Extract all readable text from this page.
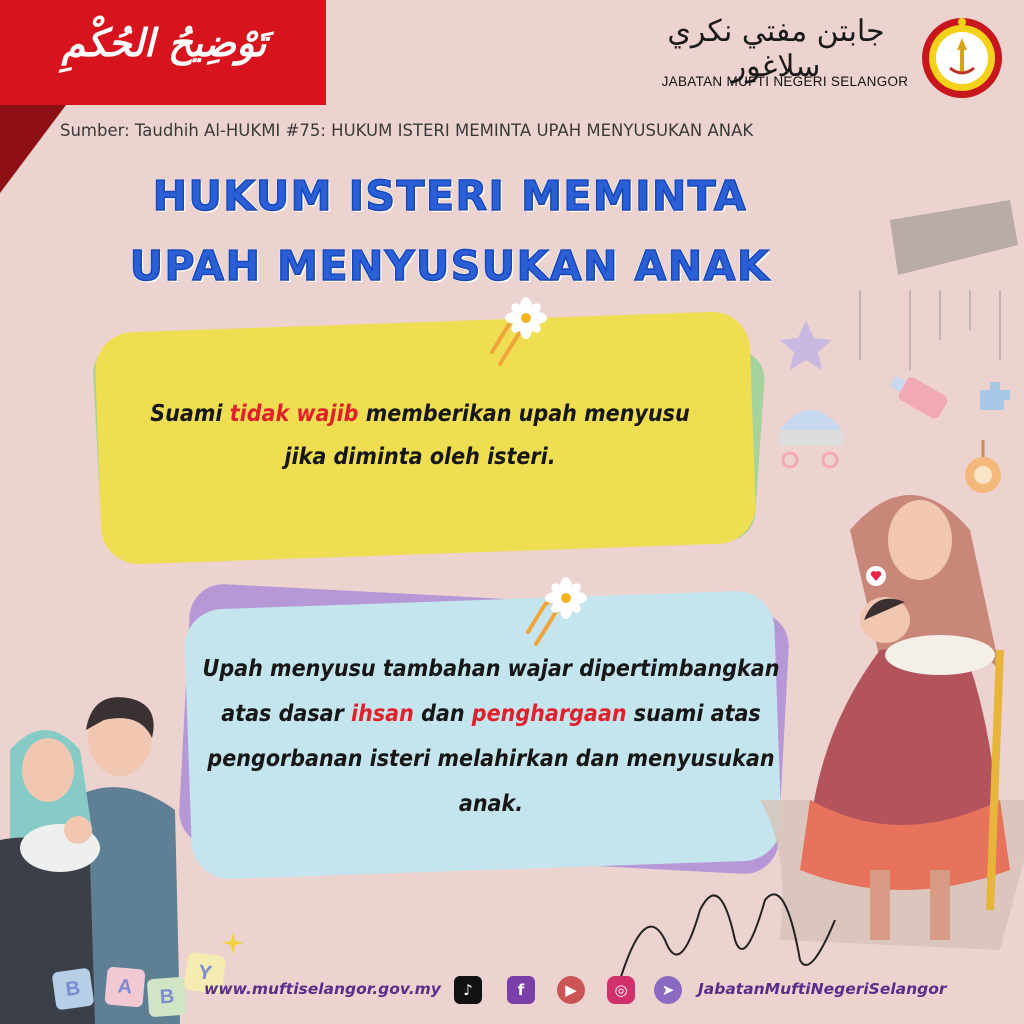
تَوْضِيحُ الحُكْمِ	جابتن مفتي نكري سلاغور
JABATAN MUFTI NEGERI SELANGOR
Sumber: Taudhih Al-HUKMI #75: HUKUM ISTERI MEMINTA UPAH MENYUSUKAN ANAK
HUKUM ISTERI MEMINTA
UPAH MENYUSUKAN ANAK
Suami tidak wajib memberikan upah menyusu jika diminta oleh isteri.
Upah menyusu tambahan wajar dipertimbangkan atas dasar ihsan dan penghargaan suami atas pengorbanan isteri melahirkan dan menyusukan anak.
B	A	B
Y
www.muftiselangor.gov.my	♪	f	▶	◎	➤	JabatanMuftiNegeriSelangor
